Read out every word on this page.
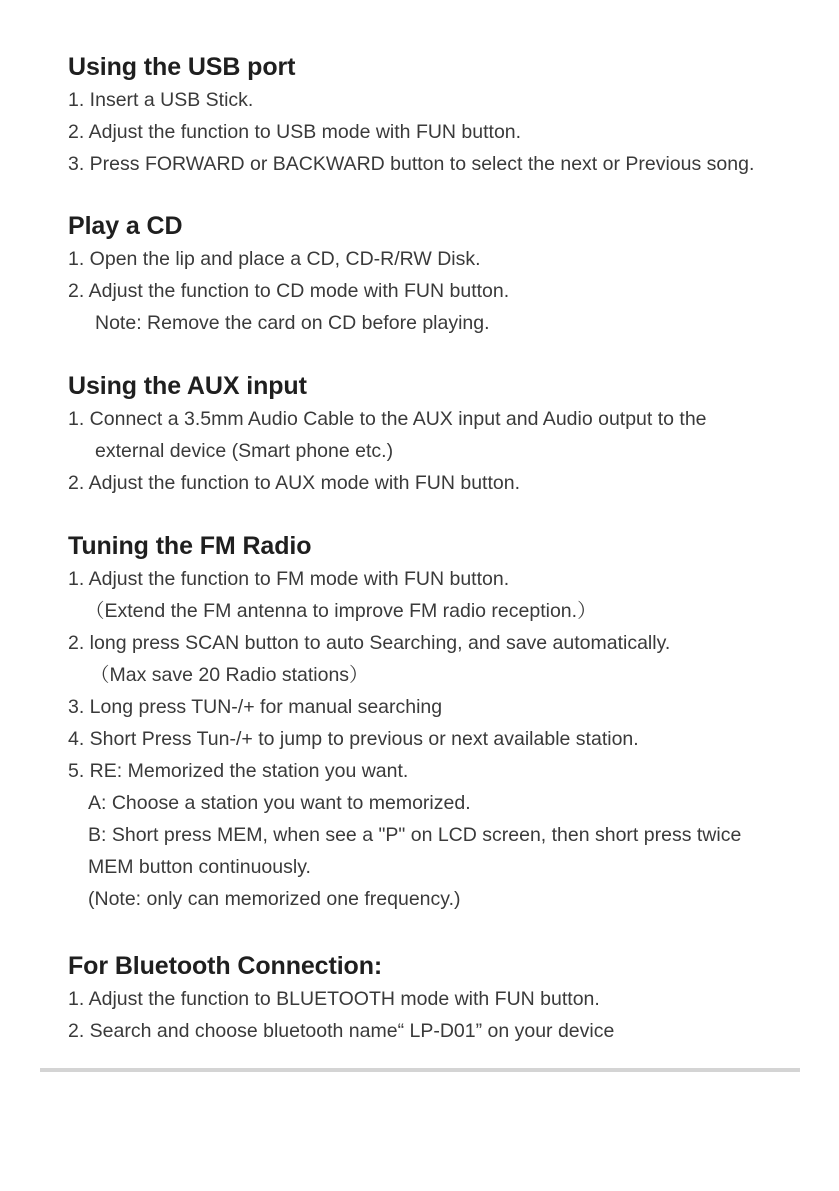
Using the USB port
1. Insert a USB Stick.
2. Adjust the function to USB mode with FUN button.
3. Press FORWARD or BACKWARD button to select the next or Previous song.
Play a CD
1. Open the lip and place a CD, CD-R/RW Disk.
2. Adjust the function to CD mode with FUN button.
Note: Remove the card on CD before playing.
Using the AUX input
1. Connect a 3.5mm Audio Cable to the AUX input and Audio output to the
external device (Smart phone etc.)
2. Adjust the function to AUX mode with FUN button.
Tuning the FM Radio
1. Adjust the function to FM mode with FUN button.
（Extend the FM antenna to improve FM radio reception.）
2. long press SCAN button to auto Searching, and save automatically.
（Max save 20 Radio stations）
3. Long press TUN-/+ for manual searching
4. Short Press Tun-/+ to jump to previous or next available station.
5. RE: Memorized the station you want.
A: Choose a station you want to memorized.
B: Short press MEM, when see a "P" on LCD screen, then short press twice
MEM button continuously.
(Note: only can memorized one frequency.)
For Bluetooth Connection:
1. Adjust the function to BLUETOOTH mode with FUN button.
2. Search and choose bluetooth name“ LP-D01” on your device
